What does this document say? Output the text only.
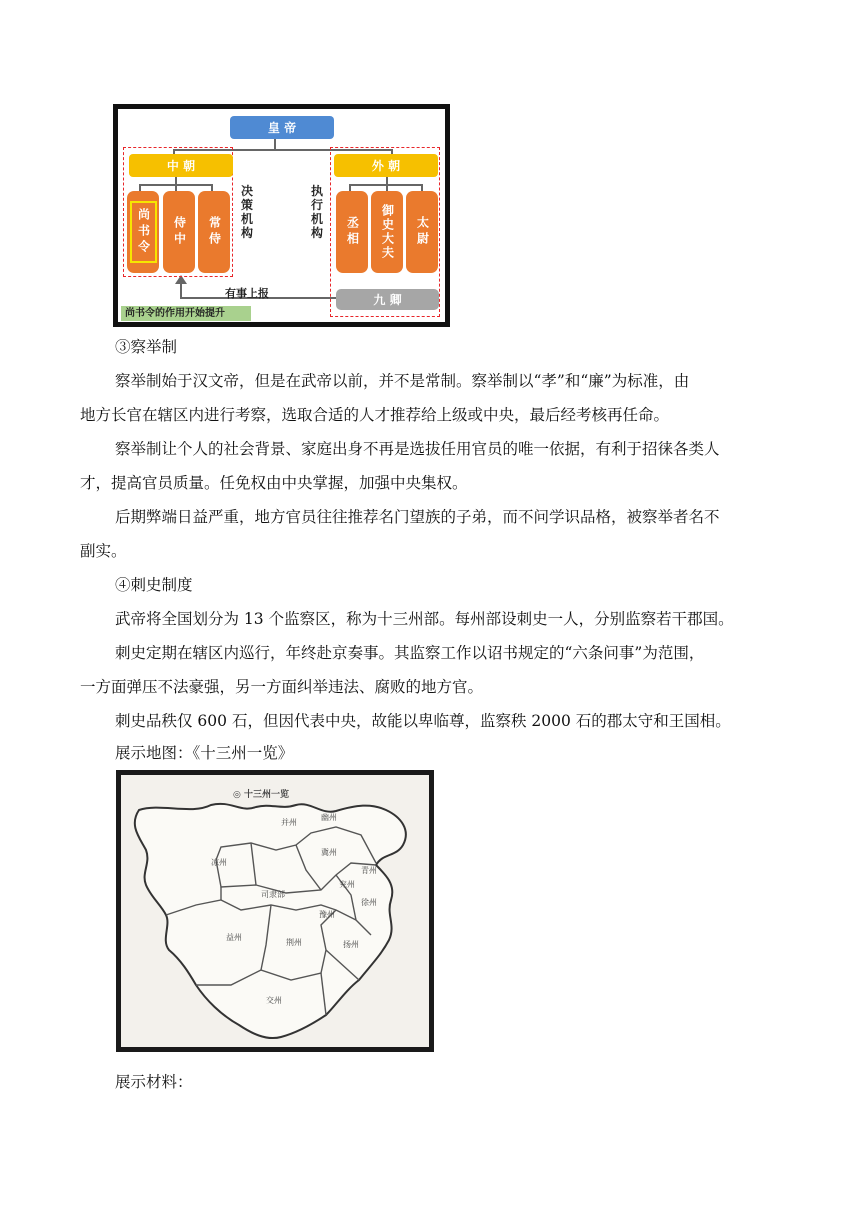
皇 帝
中 朝	外 朝
尚书令	侍中	常侍	丞相	御史大夫	太尉
决策机构
执行机构
九 卿
有事上报
尚书令的作用开始提升
③察举制
察举制始于汉文帝，但是在武帝以前，并不是常制。察举制以“孝”和“廉”为标准，由
地方长官在辖区内进行考察，选取合适的人才推荐给上级或中央，最后经考核再任命。
察举制让个人的社会背景、家庭出身不再是选拔任用官员的唯一依据，有利于招徕各类人
才，提高官员质量。任免权由中央掌握，加强中央集权。
后期弊端日益严重，地方官员往往推荐名门望族的子弟，而不问学识品格，被察举者名不
副实。
④刺史制度
武帝将全国划分为 13 个监察区，称为十三州部。每州部设刺史一人，分别监察若干郡国。
刺史定期在辖区内巡行，年终赴京奏事。其监察工作以诏书规定的“六条问事”为范围，
一方面弹压不法豪强，另一方面纠举违法、腐败的地方官。
刺史品秩仅 600 石，但因代表中央，故能以卑临尊，监察秩 2000 石的郡太守和王国相。
展示地图：《十三州一览》
◎ 十三州一览
幽州
并州
凉州
冀州
青州
兖州
徐州
司隶部
豫州
益州
荆州	扬州
交州
展示材料：
